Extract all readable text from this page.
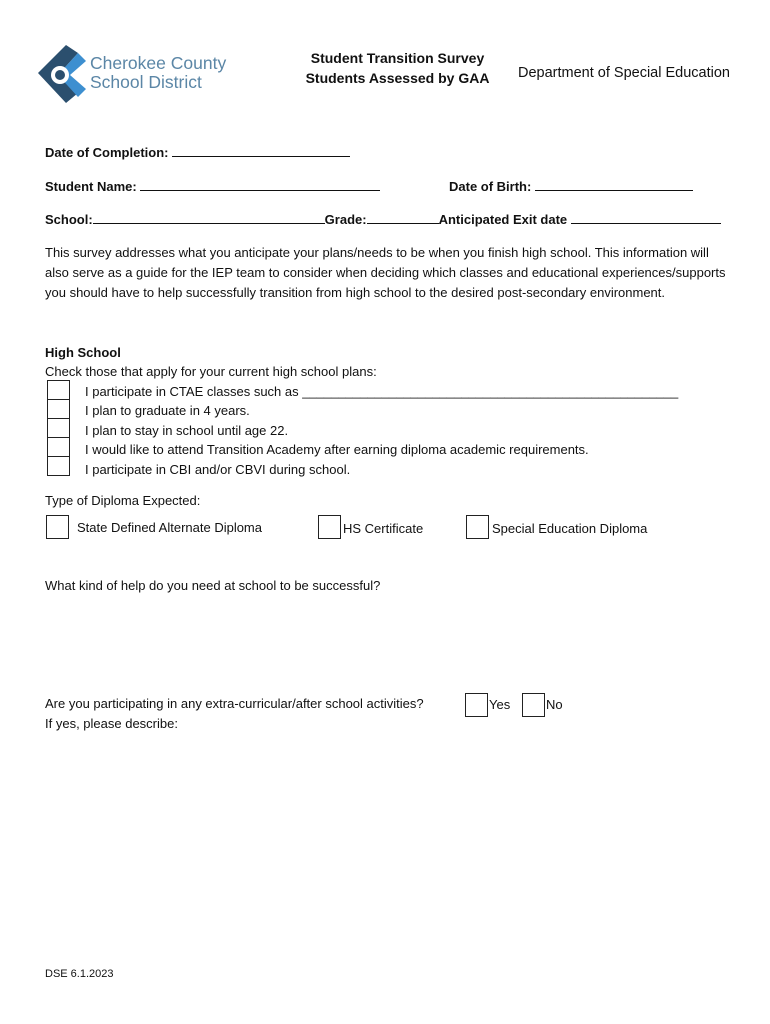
Cherokee County
School District
Student Transition Survey
Students Assessed by GAA	Department of Special Education
Date of Completion:
Student Name:	Date of Birth:
School:	Grade:	Anticipated Exit date
This survey addresses what you anticipate your plans/needs to be when you finish high school. This information will also serve as a guide for the IEP team to consider when deciding which classes and educational experiences/supports you should have to help successfully transition from high school to the desired post-secondary environment.
High School
Check those that apply for your current high school plans:
I participate in CTAE classes such as ____________________________________________________
I plan to graduate in 4 years.
I plan to stay in school until age 22.
I would like to attend Transition Academy after earning diploma academic requirements.
I participate in CBI and/or CBVI during school.
Type of Diploma Expected:
State Defined Alternate Diploma	HS Certificate	Special Education Diploma
What kind of help do you need at school to be successful?
Are you participating in any extra-curricular/after school activities?	Yes	No
If yes, please describe:
DSE 6.1.2023
